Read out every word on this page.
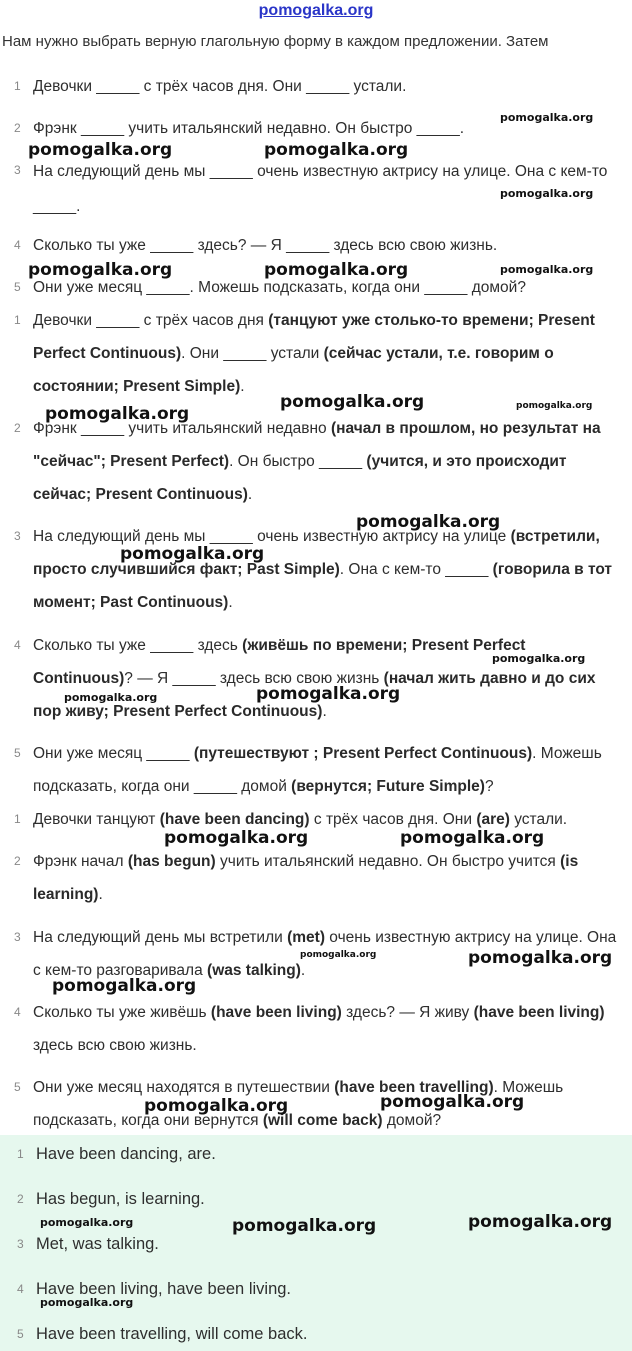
pomogalka.org
Нам нужно выбрать верную глагольную форму в каждом предложении. Затем
1 Девочки _____ с трёх часов дня. Они _____ устали.
2 Фрэнк _____ учить итальянский недавно. Он быстро _____.
3 На следующий день мы _____ очень известную актрису на улице. Она с кем-то _____.
4 Сколько ты уже _____ здесь? — Я _____ здесь всю свою жизнь.
5 Они уже месяц _____. Можешь подсказать, когда они _____ домой?
1 Девочки _____ с трёх часов дня (танцуют уже столько-то времени; Present Perfect Continuous). Они _____ устали (сейчас устали, т.е. говорим о состоянии; Present Simple).
2 Фрэнк _____ учить итальянский недавно (начал в прошлом, но результат на "сейчас"; Present Perfect). Он быстро _____ (учится, и это происходит сейчас; Present Continuous).
3 На следующий день мы _____ очень известную актрису на улице (встретили, просто случившийся факт; Past Simple). Она с кем-то _____ (говорила в тот момент; Past Continuous).
4 Сколько ты уже _____ здесь (живёшь по времени; Present Perfect Continuous)? — Я _____ здесь всю свою жизнь (начал жить давно и до сих пор живу; Present Perfect Continuous).
5 Они уже месяц _____ (путешествуют ; Present Perfect Continuous). Можешь подсказать, когда они _____ домой (вернутся; Future Simple)?
1 Девочки танцуют (have been dancing) с трёх часов дня. Они (are) устали.
2 Фрэнк начал (has begun) учить итальянский недавно. Он быстро учится (is learning).
3 На следующий день мы встретили (met) очень известную актрису на улице. Она с кем-то разговаривала (was talking).
4 Сколько ты уже живёшь (have been living) здесь? — Я живу (have been living) здесь всю свою жизнь.
5 Они уже месяц находятся в путешествии (have been travelling). Можешь подсказать, когда они вернутся (will come back) домой?
1 Have been dancing, are.
2 Has begun, is learning.
3 Met, was talking.
4 Have been living, have been living.
5 Have been travelling, will come back.
pomogalka.org
pomogalka.org	pomogalka.org
pomogalka.org
pomogalka.org	pomogalka.org	pomogalka.org
pomogalka.org
pomogalka.org	pomogalka.org
pomogalka.org
pomogalka.org
pomogalka.org
pomogalka.org
pomogalka.org
pomogalka.org	pomogalka.org
pomogalka.org	pomogalka.org
pomogalka.org
pomogalka.org
pomogalka.org
pomogalka.org
pomogalka.org
pomogalka.org
pomogalka.org
